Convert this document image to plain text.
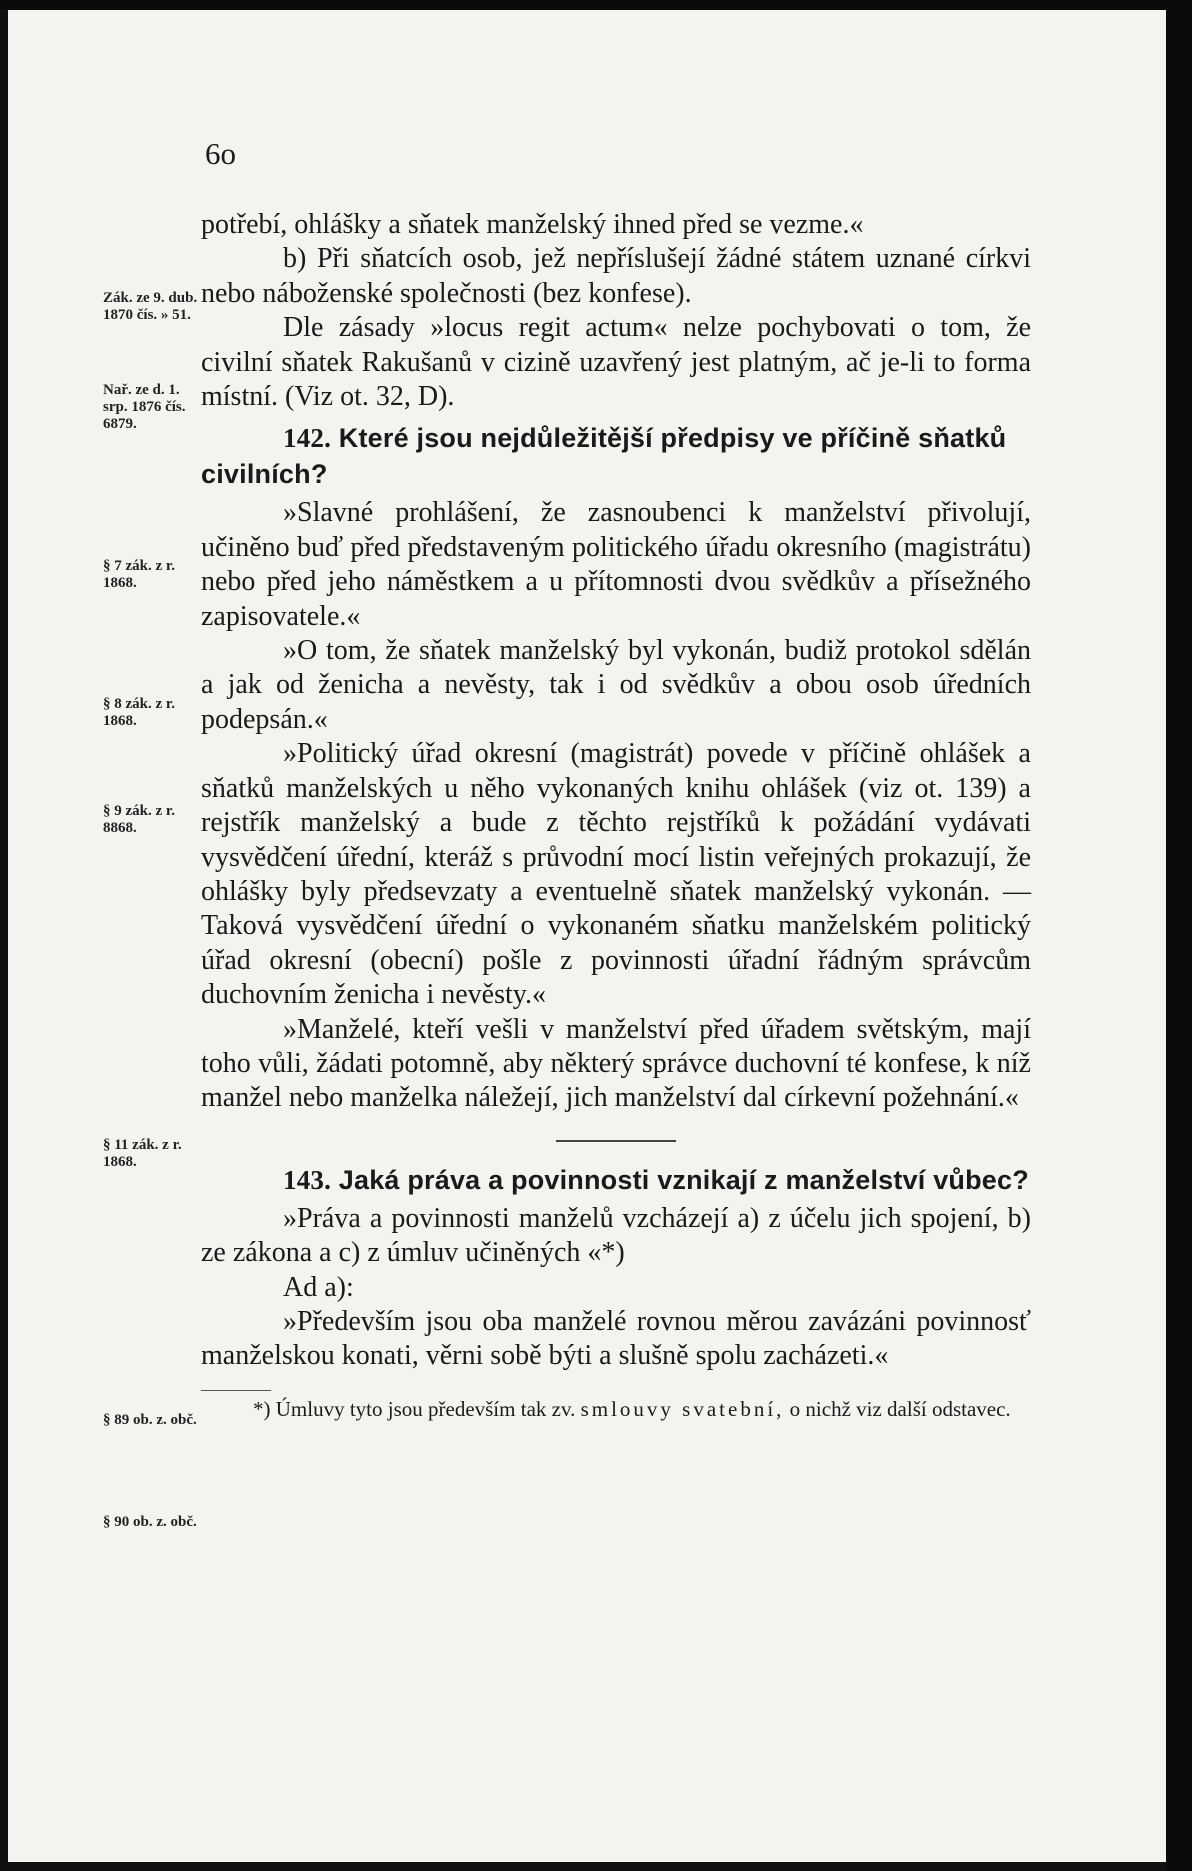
6o
Zák. ze 9. dub. 1870 čís. » 51.
Nař. ze d. 1. srp. 1876 čís. 6879.
§ 7 zák. z r. 1868.
§ 8 zák. z r. 1868.
§ 9 zák. z r. 8868.
§ 11 zák. z r. 1868.
§ 89 ob. z. obč.
§ 90 ob. z. obč.

potřebí, ohlášky a sňatek manželský ihned před se vezme.«

b) Při sňatcích osob, jež nepříslušejí žádné státem uznané církvi nebo náboženské společnosti (bez konfese).

Dle zásady »locus regit actum« nelze pochybovati o tom, že civilní sňatek Rakušanů v cizině uzavřený jest platným, ač je-li to forma místní. (Viz ot. 32, D).

142. Které jsou nejdůležitější předpisy ve příčině sňatků civilních?

»Slavné prohlášení, že zasnoubenci k manželství přivolují, učiněno buď před představeným politického úřadu okresního (magistrátu) nebo před jeho náměstkem a u přítomnosti dvou svědkův a přísežného zapisovatele.«

»O tom, že sňatek manželský byl vykonán, budiž protokol sdělán a jak od ženicha a nevěsty, tak i od svědkův a obou osob úředních podepsán.«

»Politický úřad okresní (magistrát) povede v příčině ohlášek a sňatků manželských u něho vykonaných knihu ohlášek (viz ot. 139) a rejstřík manželský a bude z těchto rejstříků k požádání vydávati vysvědčení úřední, kteráž s průvodní mocí listin veřejných prokazují, že ohlášky byly předsevzaty a eventuelně sňatek manželský vykonán. — Taková vysvědčení úřední o vykonaném sňatku manželském politický úřad okresní (obecní) pošle z povinnosti úřadní řádným správcům duchovním ženicha i nevěsty.«

»Manželé, kteří vešli v manželství před úřadem světským, mají toho vůli, žádati potomně, aby některý správce duchovní té konfese, k níž manžel nebo manželka náležejí, jich manželství dal církevní požehnání.«

143. Jaká práva a povinnosti vznikají z manželství vůbec?

»Práva a povinnosti manželů vzcházejí a) z účelu jich spojení, b) ze zákona a c) z úmluv učiněných «*)

Ad a):

»Především jsou oba manželé rovnou měrou zavázáni povinnosť manželskou konati, věrni sobě býti a slušně spolu zacházeti.«

*) Úmluvy tyto jsou především tak zv. smlouvy svatební, o nichž viz další odstavec.
